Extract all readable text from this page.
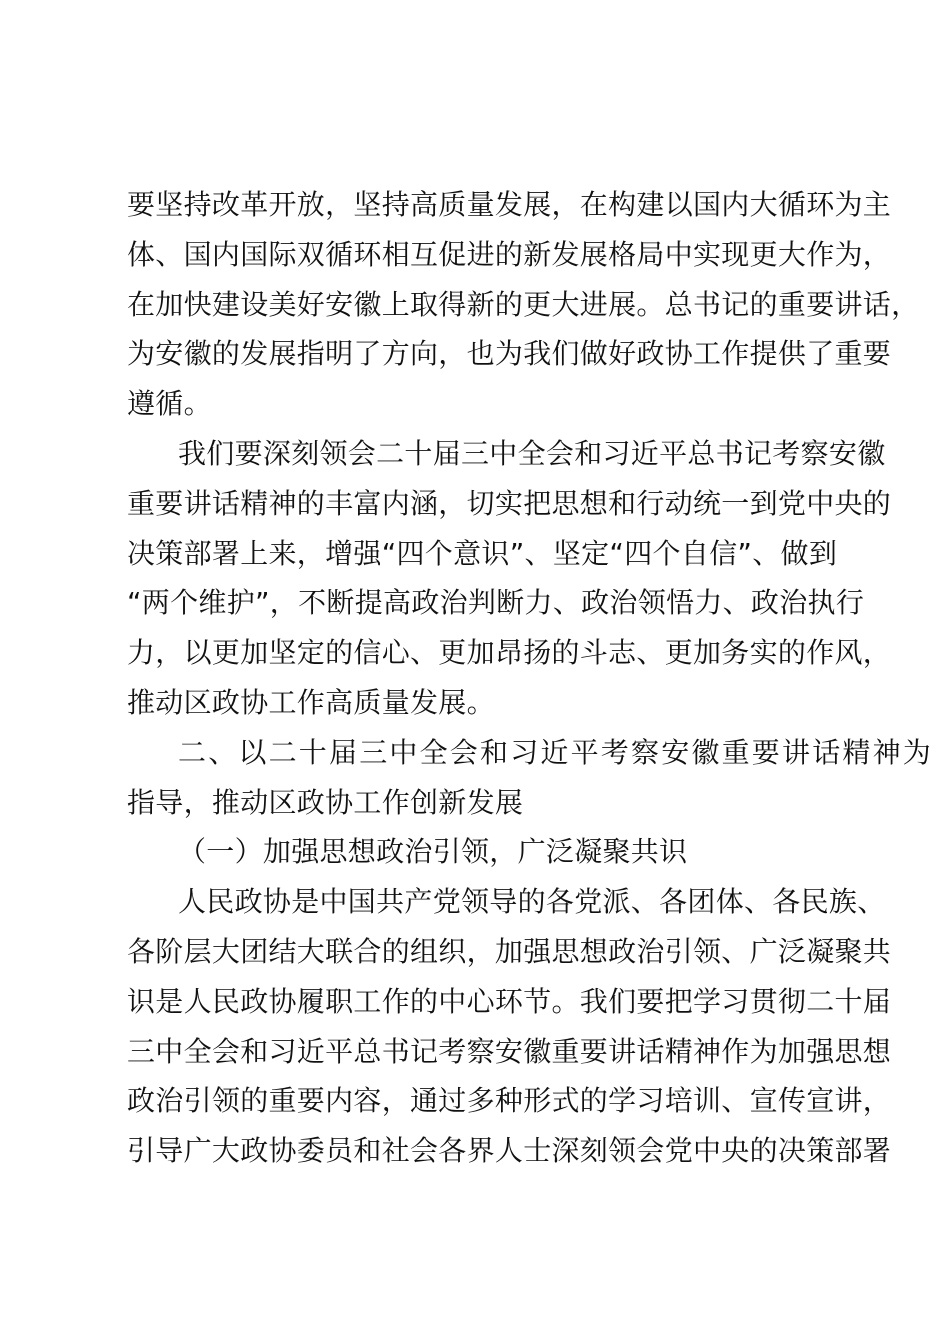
要坚持改革开放，坚持高质量发展，在构建以国内大循环为主
体、国内国际双循环相互促进的新发展格局中实现更大作为，
在加快建设美好安徽上取得新的更大进展。总书记的重要讲话，
为安徽的发展指明了方向，也为我们做好政协工作提供了重要
遵循。
我们要深刻领会二十届三中全会和习近平总书记考察安徽
重要讲话精神的丰富内涵，切实把思想和行动统一到党中央的
决策部署上来，增强“四个意识”、坚定“四个自信”、做到
“两个维护”，不断提高政治判断力、政治领悟力、政治执行
力，以更加坚定的信心、更加昂扬的斗志、更加务实的作风，
推动区政协工作高质量发展。
二、以二十届三中全会和习近平考察安徽重要讲话精神为
指导，推动区政协工作创新发展
（一）加强思想政治引领，广泛凝聚共识
人民政协是中国共产党领导的各党派、各团体、各民族、
各阶层大团结大联合的组织，加强思想政治引领、广泛凝聚共
识是人民政协履职工作的中心环节。我们要把学习贯彻二十届
三中全会和习近平总书记考察安徽重要讲话精神作为加强思想
政治引领的重要内容，通过多种形式的学习培训、宣传宣讲，
引导广大政协委员和社会各界人士深刻领会党中央的决策部署
